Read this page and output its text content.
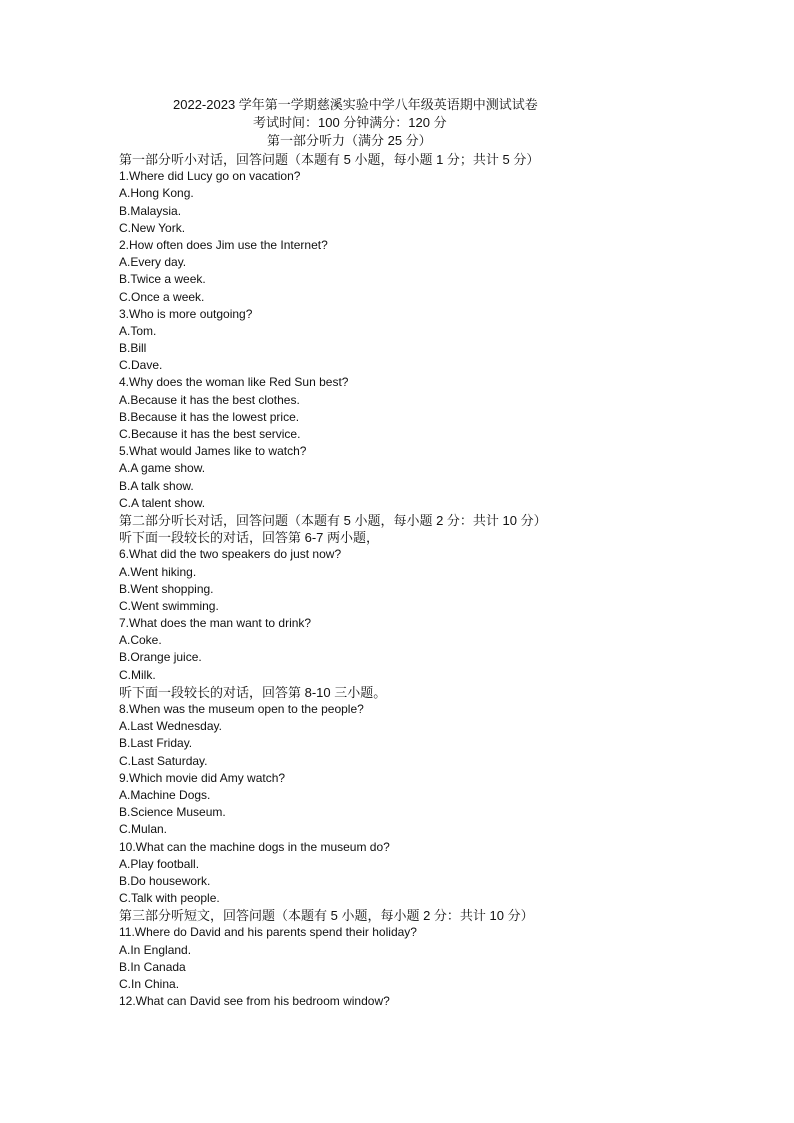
2022-2023 学年第一学期慈溪实验中学八年级英语期中测试试卷
考试时间：100 分钟满分：120 分
第一部分听力（满分 25 分）
第一部分听小对话，回答问题（本题有 5 小题，每小题 1 分；共计 5 分）
1.Where did Lucy go on vacation?
A.Hong Kong.
B.Malaysia.
C.New York.
2.How often does Jim use the Internet?
A.Every day.
B.Twice a week.
C.Once a week.
3.Who is more outgoing?
A.Tom.
B.Bill
C.Dave.
4.Why does the woman like Red Sun best?
A.Because it has the best clothes.
B.Because it has the lowest price.
C.Because it has the best service.
5.What would James like to watch?
A.A game show.
B.A talk show.
C.A talent show.
第二部分听长对话，回答问题（本题有 5 小题，每小题 2 分：共计 10 分）
听下面一段较长的对话，回答第 6-7 两小题，
6.What did the two speakers do just now?
A.Went hiking.
B.Went shopping.
C.Went swimming.
7.What does the man want to drink?
A.Coke.
B.Orange juice.
C.Milk.
听下面一段较长的对话，回答第 8-10 三小题。
8.When was the museum open to the people?
A.Last Wednesday.
B.Last Friday.
C.Last Saturday.
9.Which movie did Amy watch?
A.Machine Dogs.
B.Science Museum.
C.Mulan.
10.What can the machine dogs in the museum do?
A.Play football.
B.Do housework.
C.Talk with people.
第三部分听短文，回答问题（本题有 5 小题，每小题 2 分：共计 10 分）
11.Where do David and his parents spend their holiday?
A.In England.
B.In Canada
C.In China.
12.What can David see from his bedroom window?
